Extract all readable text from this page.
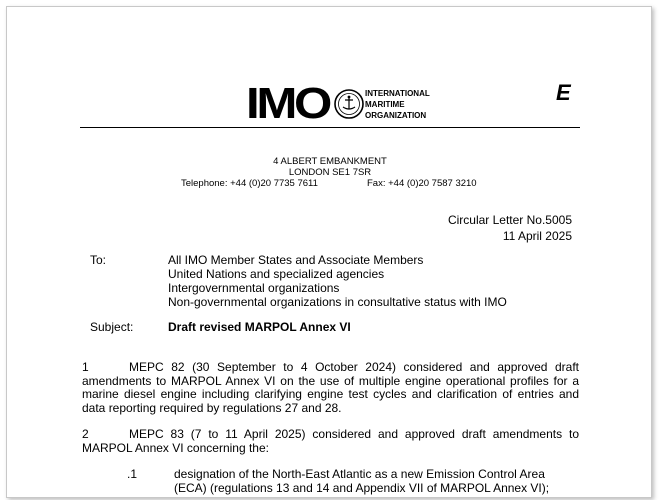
IMO	INTERNATIONAL
MARITIME
ORGANIZATION
E
4 ALBERT EMBANKMENT
LONDON SE1 7SR
Telephone: +44 (0)20 7735 7611	Fax: +44 (0)20 7587 3210
Circular Letter No.5005
11 April 2025
To:	All IMO Member States and Associate Members
United Nations and specialized agencies
Intergovernmental organizations
Non-governmental organizations in consultative status with IMO
Subject:	Draft revised MARPOL Annex VI
1	MEPC 82 (30 September to 4 October 2024) considered and approved draft amendments to MARPOL Annex VI on the use of multiple engine operational profiles for a marine diesel engine including clarifying engine test cycles and clarification of entries and data reporting required by regulations 27 and 28.
2	MEPC 83 (7 to 11 April 2025) considered and approved draft amendments to MARPOL Annex VI concerning the:
.1	designation of the North-East Atlantic as a new Emission Control Area (ECA) (regulations 13 and 14 and Appendix VII of MARPOL Annex VI);
